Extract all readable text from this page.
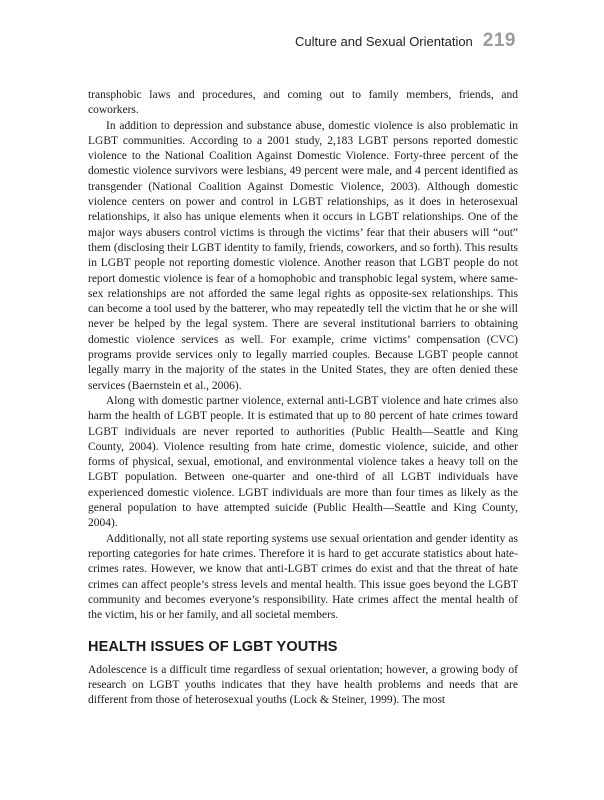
Culture and Sexual Orientation 219

transphobic laws and procedures, and coming out to family members, friends, and coworkers.

In addition to depression and substance abuse, domestic violence is also problematic in LGBT communities. According to a 2001 study, 2,183 LGBT persons reported domestic violence to the National Coalition Against Domestic Violence. Forty-three percent of the domestic violence survivors were lesbians, 49 percent were male, and 4 percent identified as transgender (National Coalition Against Domestic Violence, 2003). Although domestic violence centers on power and control in LGBT relationships, as it does in heterosexual relationships, it also has unique elements when it occurs in LGBT relationships. One of the major ways abusers control victims is through the victims’ fear that their abusers will “out” them (disclosing their LGBT identity to family, friends, coworkers, and so forth). This results in LGBT people not reporting domestic violence. Another reason that LGBT people do not report domestic violence is fear of a homophobic and transphobic legal system, where same-sex relationships are not afforded the same legal rights as opposite-sex relationships. This can become a tool used by the batterer, who may repeatedly tell the victim that he or she will never be helped by the legal system. There are several institutional barriers to obtaining domestic violence services as well. For example, crime victims’ compensation (CVC) programs provide services only to legally married couples. Because LGBT people cannot legally marry in the majority of the states in the United States, they are often denied these services (Baernstein et al., 2006).

Along with domestic partner violence, external anti-LGBT violence and hate crimes also harm the health of LGBT people. It is estimated that up to 80 percent of hate crimes toward LGBT individuals are never reported to authorities (Public Health—Seattle and King County, 2004). Violence resulting from hate crime, domestic violence, suicide, and other forms of physical, sexual, emotional, and environmental violence takes a heavy toll on the LGBT population. Between one-quarter and one-third of all LGBT individuals have experienced domestic violence. LGBT individuals are more than four times as likely as the general population to have attempted suicide (Public Health—Seattle and King County, 2004).

Additionally, not all state reporting systems use sexual orientation and gender identity as reporting categories for hate crimes. Therefore it is hard to get accurate statistics about hate-crimes rates. However, we know that anti-LGBT crimes do exist and that the threat of hate crimes can affect people’s stress levels and mental health. This issue goes beyond the LGBT community and becomes everyone’s responsibility. Hate crimes affect the mental health of the victim, his or her family, and all societal members.

HEALTH ISSUES OF LGBT YOUTHS

Adolescence is a difficult time regardless of sexual orientation; however, a growing body of research on LGBT youths indicates that they have health problems and needs that are different from those of heterosexual youths (Lock & Steiner, 1999). The most
